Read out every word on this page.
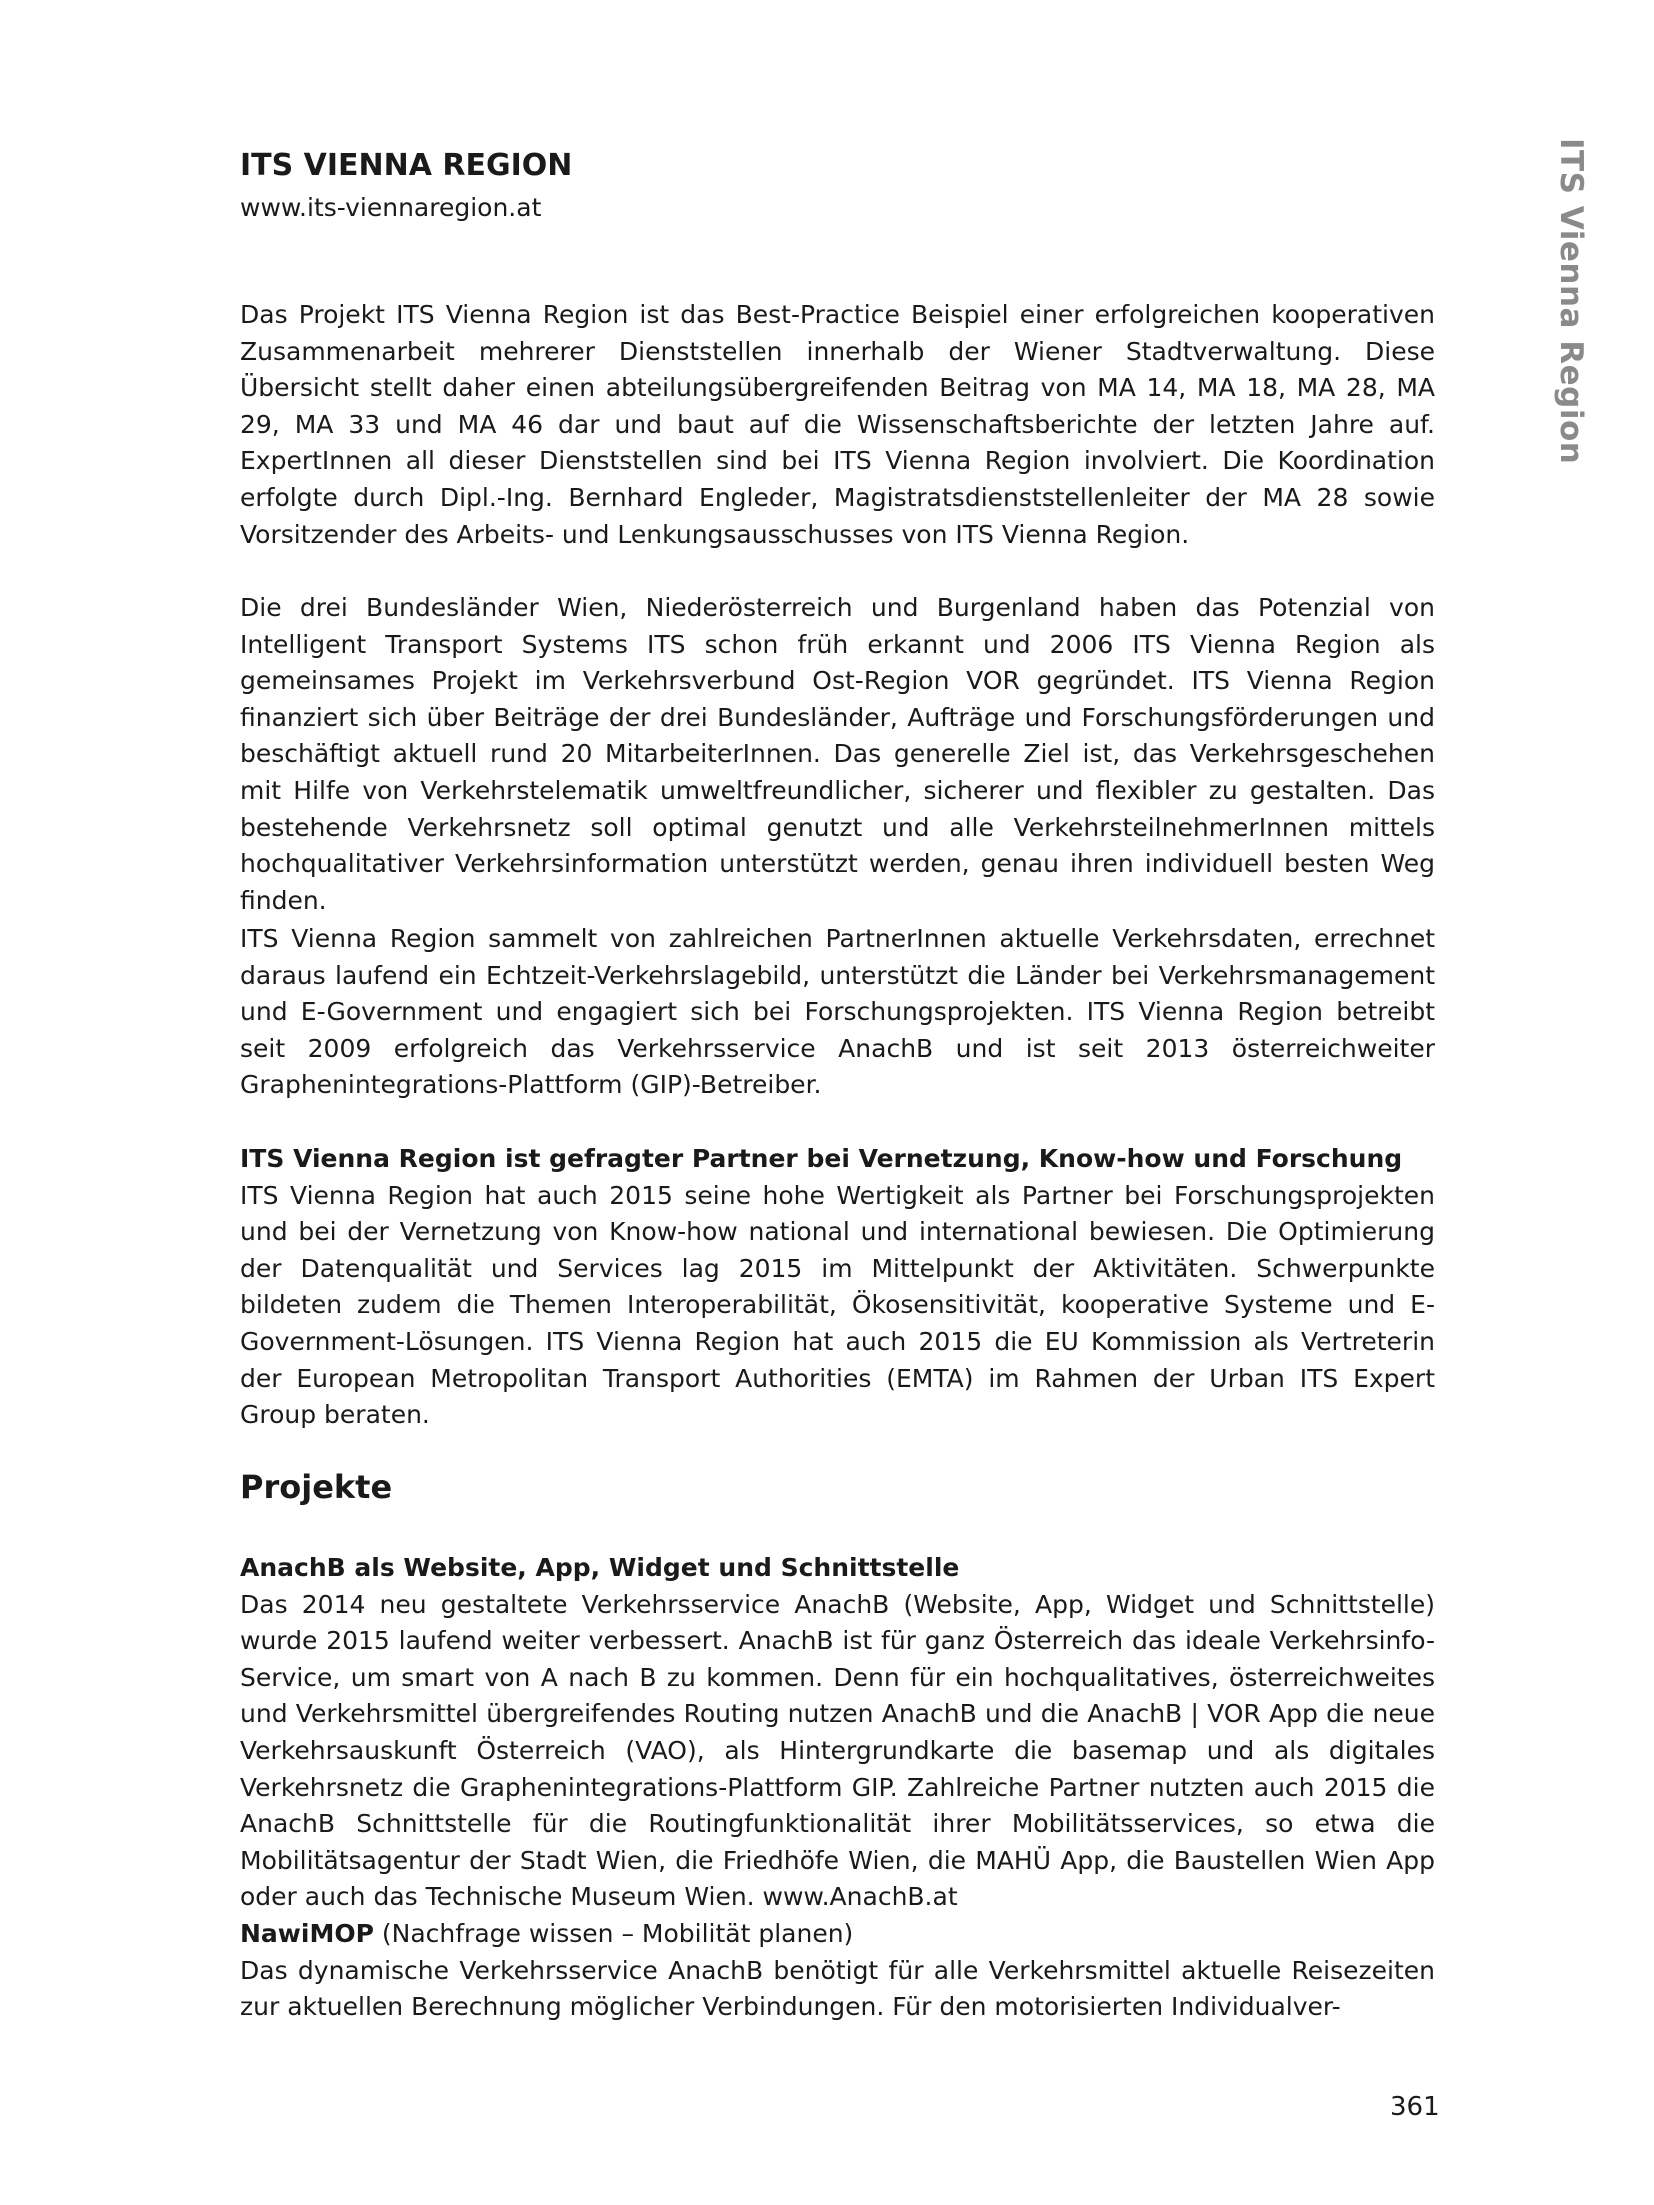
ITS VIENNA REGION

www.its-viennaregion.at	ITS Vienna Region

Das Projekt ITS Vienna Region ist das Best-Practice Beispiel einer erfolgreichen kooperativen Zusammenarbeit mehrerer Dienststellen innerhalb der Wiener Stadtverwaltung. Diese Übersicht stellt daher einen abteilungsübergreifenden Beitrag von MA 14, MA 18, MA 28, MA 29, MA 33 und MA 46 dar und baut auf die Wissenschaftsberichte der letzten Jahre auf. ExpertInnen all dieser Dienststellen sind bei ITS Vienna Region involviert. Die Koordination erfolgte durch Dipl.-Ing. Bernhard Engleder, Magistratsdienststellenleiter der MA 28 sowie Vorsitzender des Arbeits- und Lenkungsausschusses von ITS Vienna Region.

Die drei Bundesländer Wien, Niederösterreich und Burgenland haben das Potenzial von Intelligent Transport Systems ITS schon früh erkannt und 2006 ITS Vienna Region als gemeinsames Projekt im Verkehrsverbund Ost-Region VOR gegründet. ITS Vienna Region finanziert sich über Beiträge der drei Bundesländer, Aufträge und Forschungsförderungen und beschäftigt aktuell rund 20 MitarbeiterInnen. Das generelle Ziel ist, das Verkehrsgeschehen mit Hilfe von Verkehrstelematik umweltfreundlicher, sicherer und flexibler zu gestalten. Das bestehende Verkehrsnetz soll optimal genutzt und alle VerkehrsteilnehmerInnen mittels hochqualitativer Verkehrsinformation unterstützt werden, genau ihren individuell besten Weg finden.

ITS Vienna Region sammelt von zahlreichen PartnerInnen aktuelle Verkehrsdaten, errechnet daraus laufend ein Echtzeit-Verkehrslagebild, unterstützt die Länder bei Verkehrsmanagement und E-Government und engagiert sich bei Forschungsprojekten. ITS Vienna Region betreibt seit 2009 erfolgreich das Verkehrsservice AnachB und ist seit 2013 österreichweiter Graphenintegrations-Plattform (GIP)-Betreiber.

ITS Vienna Region ist gefragter Partner bei Vernetzung, Know-how und Forschung
ITS Vienna Region hat auch 2015 seine hohe Wertigkeit als Partner bei Forschungsprojekten und bei der Vernetzung von Know-how national und international bewiesen. Die Optimierung der Datenqualität und Services lag 2015 im Mittelpunkt der Aktivitäten. Schwerpunkte bildeten zudem die Themen Interoperabilität, Ökosensitivität, kooperative Systeme und E-Government-Lösungen. ITS Vienna Region hat auch 2015 die EU Kommission als Vertreterin der European Metropolitan Transport Authorities (EMTA) im Rahmen der Urban ITS Expert Group beraten.
Projekte
AnachB als Website, App, Widget und Schnittstelle
Das 2014 neu gestaltete Verkehrsservice AnachB (Website, App, Widget und Schnittstelle) wurde 2015 laufend weiter verbessert. AnachB ist für ganz Österreich das ideale Verkehrsinfo-Service, um smart von A nach B zu kommen. Denn für ein hochqualitatives, österreichweites und Verkehrsmittel übergreifendes Routing nutzen AnachB und die AnachB | VOR App die neue Verkehrsauskunft Österreich (VAO), als Hintergrundkarte die basemap und als digitales Verkehrsnetz die Graphenintegrations-Plattform GIP. Zahlreiche Partner nutzten auch 2015 die AnachB Schnittstelle für die Routingfunktionalität ihrer Mobilitätsservices, so etwa die Mobilitätsagentur der Stadt Wien, die Friedhöfe Wien, die MAHÜ App, die Baustellen Wien App oder auch das Technische Museum Wien. www.AnachB.at
NawiMOP (Nachfrage wissen – Mobilität planen)
Das dynamische Verkehrsservice AnachB benötigt für alle Verkehrsmittel aktuelle Reisezeiten zur aktuellen Berechnung möglicher Verbindungen. Für den motorisierten Individualver-

361
